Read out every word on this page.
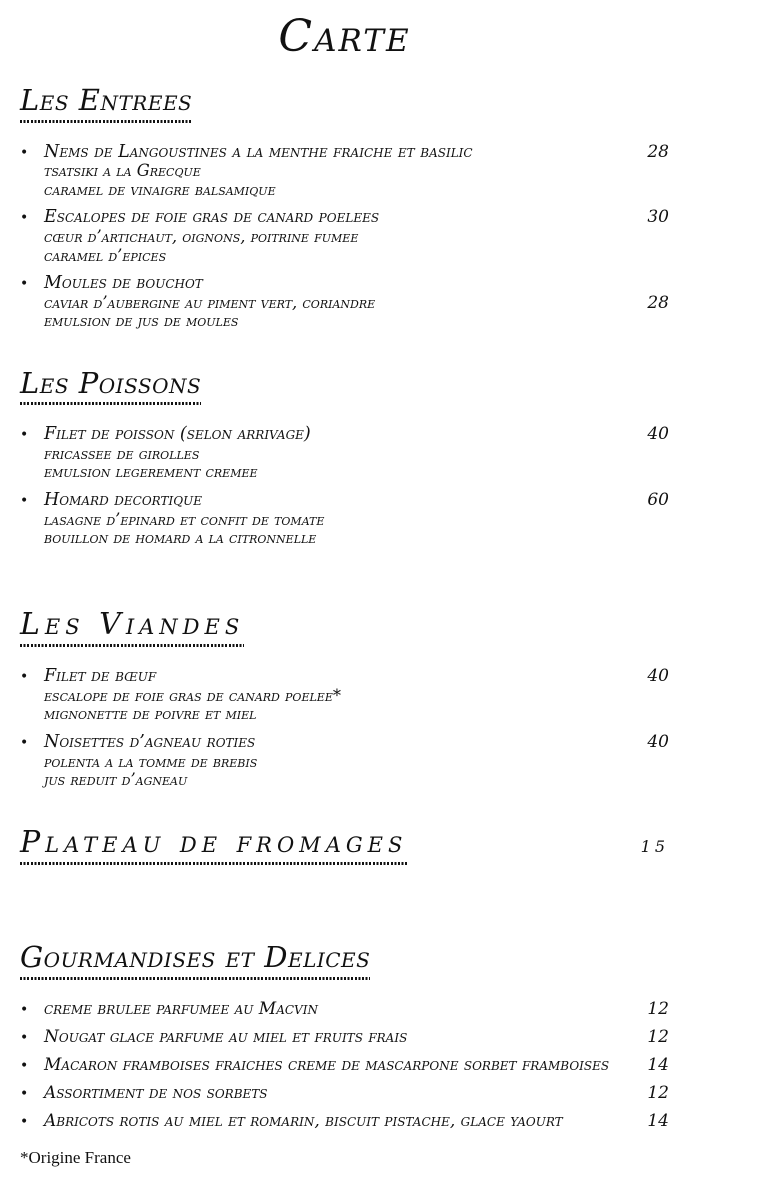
Carte
Les Entrees
• Nems de Langoustines a la menthe fraiche et basilic	28
tsatsiki a la Grecque
caramel de vinaigre balsamique
• Escalopes de foie gras de canard poelees	30
cœur d’artichaut, oignons, poitrine fumee
caramel d’epices
• Moules de bouchot
caviar d’aubergine au piment vert, coriandre	28
emulsion de jus de moules
Les Poissons
• Filet de poisson (selon arrivage)	40
fricassee de girolles
emulsion legerement cremee
• Homard decortique	60
lasagne d’epinard et confit de tomate
bouillon de homard a la citronnelle
Les Viandes
• Filet de bœuf	40
escalope de foie gras de canard poelee*
mignonette de poivre et miel
• Noisettes d’agneau roties	40
polenta a la tomme de brebis
jus reduit d’agneau
Plateau de fromages	15
Gourmandises et Delices
• creme brulee parfumee au Macvin	12
• Nougat glace parfume au miel et fruits frais	12
• Macaron framboises fraiches creme de mascarpone sorbet framboises	14
• Assortiment de nos sorbets	12
• Abricots rotis au miel et romarin, biscuit pistache, glace yaourt	14
*Origine France
